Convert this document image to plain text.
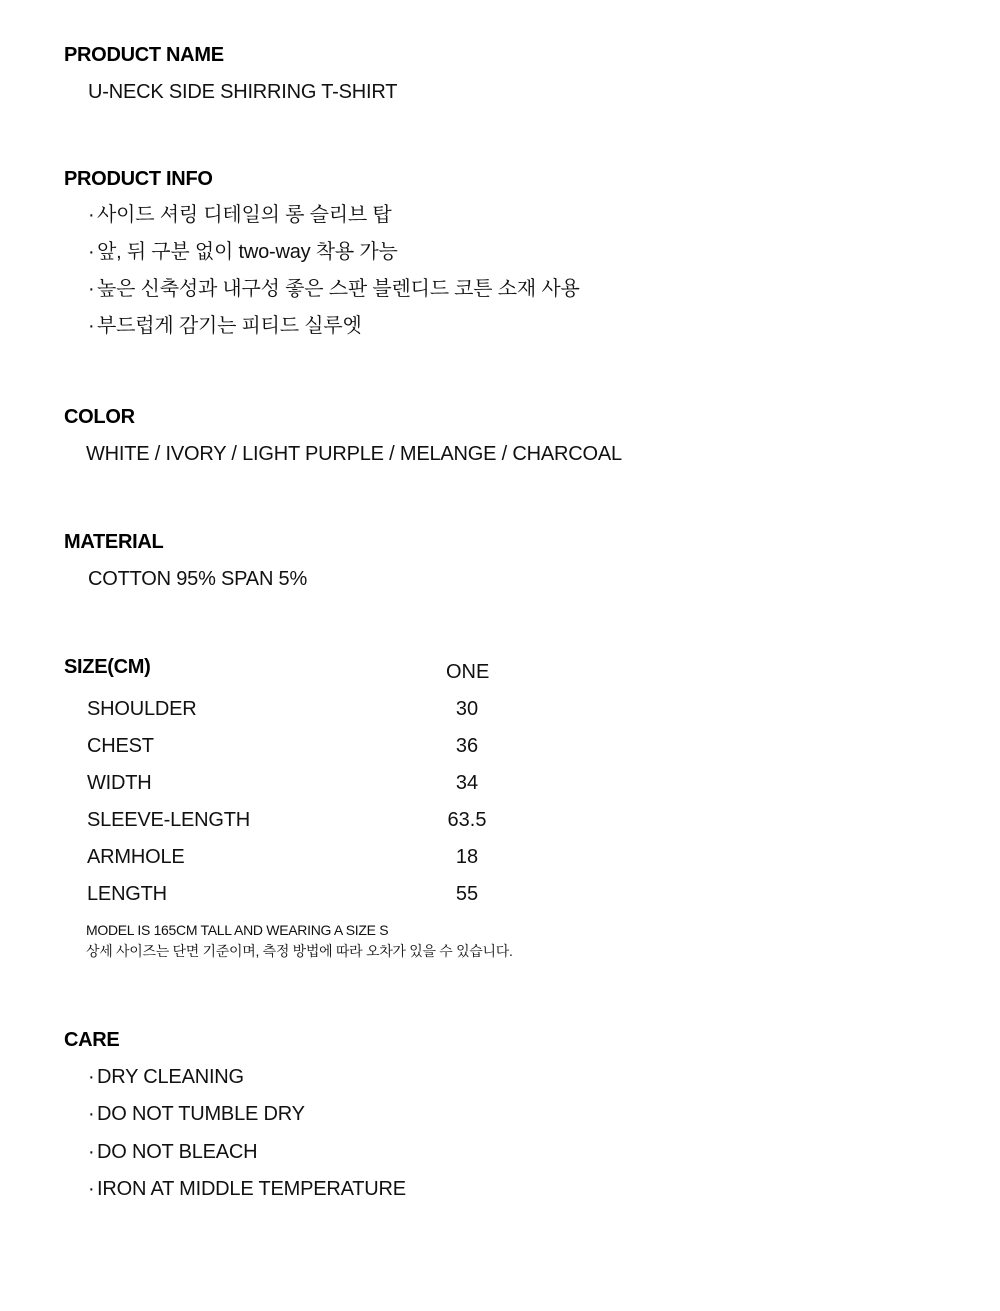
PRODUCT NAME
U-NECK SIDE SHIRRING T-SHIRT
PRODUCT INFO
· 사이드 셔링 디테일의 롱 슬리브 탑
· 앞, 뒤 구분 없이 two-way 착용 가능
· 높은 신축성과 내구성 좋은 스판 블렌디드 코튼 소재 사용
· 부드럽게 감기는 피티드 실루엣
COLOR
WHITE / IVORY / LIGHT PURPLE / MELANGE / CHARCOAL
MATERIAL
COTTON 95% SPAN 5%
SIZE(CM)	ONE
SHOULDER	30
CHEST	36
WIDTH	34
SLEEVE-LENGTH	63.5
ARMHOLE	18
LENGTH	55
MODEL IS 165CM TALL AND WEARING A SIZE S
상세 사이즈는 단면 기준이며, 측정 방법에 따라 오차가 있을 수 있습니다.
CARE
· DRY CLEANING
· DO NOT TUMBLE DRY
· DO NOT BLEACH
· IRON AT MIDDLE TEMPERATURE
